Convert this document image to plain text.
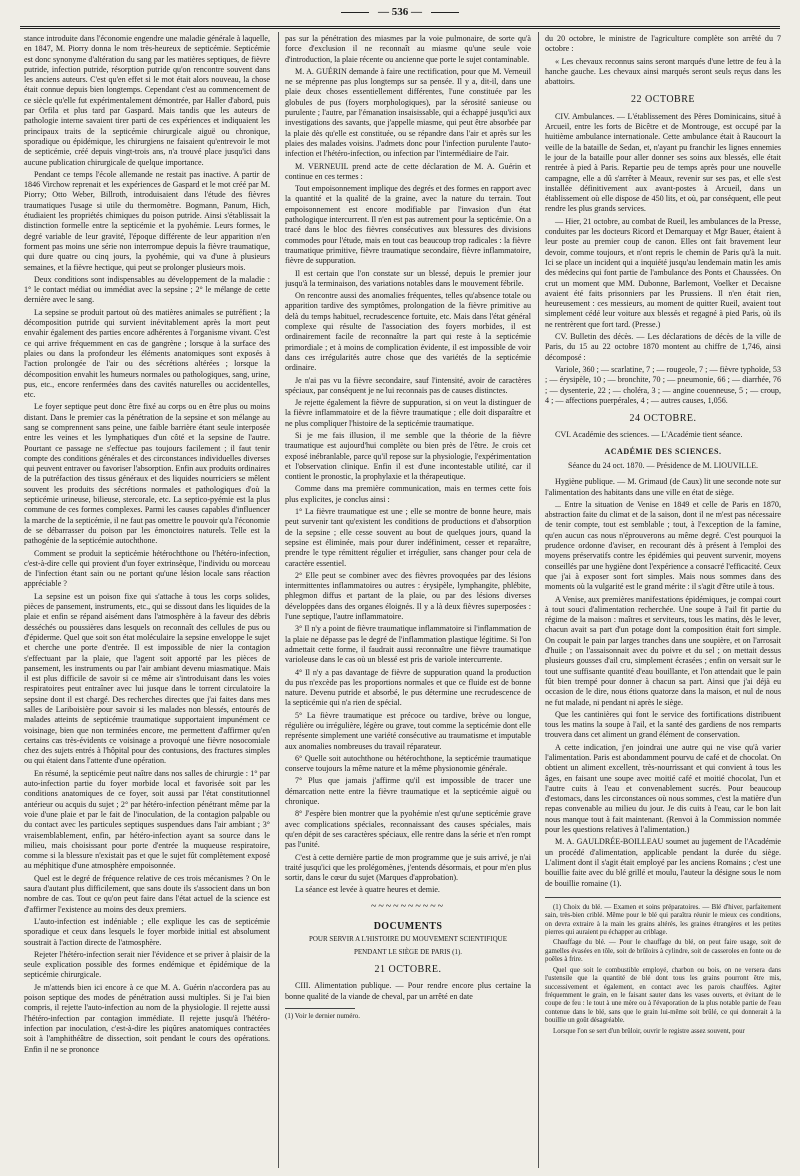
— 536 —

stance introduite dans l'économie engendre une maladie générale à laquelle, en 1847, M. Piorry donna le nom très-heureux de septicémie. Septicémie est donc synonyme d'altération du sang par les matières septiques, de fièvre putride, infection putride, résorption putride qu'on rencontre souvent dans les anciens auteurs. C'est qu'en effet si le mot était alors nouveau, la chose était connue depuis bien longtemps. Cependant c'est au commencement de ce siècle qu'elle fut expérimentalement démontrée, par Haller d'abord, puis par Orfila et plus tard par Gaspard. Mais tandis que les auteurs de pathologie interne savaient tirer parti de ces expériences et indiquaient les principaux traits de la septicémie chirurgicale aiguë ou chronique, sporadique ou épidémique, les chirurgiens ne faisaient qu'entrevoir le mot de septicémie, créé depuis vingt-trois ans, n'a trouvé place jusqu'ici dans aucune publication chirurgicale de quelque importance.

Pendant ce temps l'école allemande ne restait pas inactive. A partir de 1846 Virchow reprenait et les expériences de Gaspard et le mot créé par M. Piorry; Otto Weber, Billroth, introduisaient dans l'étude des fièvres traumatiques l'usage si utile du thermomètre. Bogmann, Panum, Hich, étudiaient les propriétés chimiques du poison putride. Ainsi s'établissait la distinction formelle entre la septicémie et la pyohémie. Leurs formes, le degré variable de leur gravité, l'époque différente de leur apparition n'en forment pas moins une série non interrompue depuis la fièvre traumatique, qui dure quatre ou cinq jours, la pyohémie, qui va d'une à plusieurs semaines, et la fièvre hectique, qui peut se prolonger plusieurs mois.

Deux conditions sont indispensables au développement de la maladie : 1° le contact médiat ou immédiat avec la sepsine ; 2° le mélange de cette dernière avec le sang.

La sepsine se produit partout où des matières animales se putréfient ; la décomposition putride qui survient inévitablement après la mort peut envahir également des parties encore adhérentes à l'organisme vivant. C'est ce qui arrive fréquemment en cas de gangrène ; lorsque à la surface des plaies ou dans la profondeur les éléments anatomiques sont exposés à l'action prolongée de l'air ou des sécrétions altérées ; lorsque la décomposition envahit les humeurs normales ou pathologiques, sang, urine, pus, etc., encore renfermées dans des cavités naturelles ou accidentelles, etc.

Le foyer septique peut donc être fixé au corps ou en être plus ou moins distant. Dans le premier cas la pénétration de la sepsine et son mélange au sang se comprennent sans peine, une faible barrière étant seule interposée entre les veines et les lymphatiques d'un côté et la sepsine de l'autre. Pourtant ce passage ne s'effectue pas toujours facilement ; il faut tenir compte des conditions générales et des circonstances individuelles diverses qui peuvent entraver ou favoriser l'absorption. Enfin aux produits ordinaires de la putréfaction des tissus généraux et des liquides nourriciers se mêlent souvent les produits des sécrétions normales et pathologiques d'où la septicémie urineuse, bilieuse, stercorale, etc. La septico-pyémie est la plus commune de ces formes complexes. Parmi les causes capables d'influencer la marche de la septicémie, il ne faut pas omettre le pouvoir qu'a l'économie de se débarrasser du poison par les émonctoires naturels. Telle est la pathogénie de la septicémie autochthone.

Comment se produit la septicémie hétérochthone ou l'hétéro-infection, c'est-à-dire celle qui provient d'un foyer extrinsèque, l'individu ou morceau de l'infection étant sain ou ne portant qu'une lésion locale sans réaction appréciable ?

La sepsine est un poison fixe qui s'attache à tous les corps solides, pièces de pansement, instruments, etc., qui se dissout dans les liquides de la plaie et enfin se répand aisément dans l'atmosphère à la faveur des débris desséchés ou poussières dans lesquels on reconnaît des cellules de pus ou d'épiderme. Quel que soit son état moléculaire la sepsine enveloppe le sujet et cherche une porte d'entrée. Il est impossible de nier la contagion s'effectuant par la plaie, que l'agent soit apporté par les pièces de pansement, les instruments ou par l'air ambiant devenu miasmatique. Mais il est plus difficile de savoir si ce même air s'introduisant dans les voies respiratoires peut entraîner avec lui jusque dans le torrent circulatoire la sepsine dont il est chargé. Des recherches directes que j'ai faites dans mes salles de Lariboisière pour savoir si les malades non blessés, entourés de malades atteints de septicémie traumatique supportaient impunément ce voisinage, bien que non terminées encore, me permettent d'affirmer qu'en certains cas très-évidents ce voisinage a provoqué une fièvre nosocomiale chez des sujets entrés à l'hôpital pour des contusions, des fractures simples ou qui étaient dans l'attente d'une opération.

En résumé, la septicémie peut naître dans nos salles de chirurgie : 1° par auto-infection partie du foyer morbide local et favorisée soit par les conditions anatomiques de ce foyer, soit aussi par l'état constitutionnel antérieur ou acquis du sujet ; 2° par hétéro-infection pénétrant même par la voie d'une plaie et par le fait de l'inoculation, de la contagion palpable ou du contact avec les particules septiques suspendues dans l'air ambiant ; 3° vraisemblablement, enfin, par hétéro-infection ayant sa source dans le milieu, mais choisissant pour porte d'entrée la muqueuse respiratoire, comme si la blessure n'existait pas et que le sujet fût complètement exposé au méphitique d'une atmosphère empoisonnée.

Quel est le degré de fréquence relative de ces trois mécanismes ? On le saura d'autant plus difficilement, que sans doute ils s'associent dans un bon nombre de cas. Tout ce qu'on peut faire dans l'état actuel de la science est d'affirmer l'existence au moins des deux premiers.

L'auto-infection est indéniable ; elle explique les cas de septicémie sporadique et ceux dans lesquels le foyer morbide initial est absolument soustrait à l'action directe de l'atmosphère.

Rejeter l'hétéro-infection serait nier l'évidence et se priver à plaisir de la seule explication possible des formes endémique et épidémique de la septicémie chirurgicale.

Je m'attends bien ici encore à ce que M. A. Guérin n'accordera pas au poison septique des modes de pénétration aussi multiples. Si je l'ai bien compris, il rejette l'auto-infection au nom de la physiologie. Il rejette aussi l'hétéro-infection par contagion immédiate. Il rejette jusqu'à l'hétéro-infection par inoculation, c'est-à-dire les piqûres anatomiques contractées soit à l'amphithéâtre de dissection, soit pendant le cours des opérations. Enfin il ne se prononce

pas sur la pénétration des miasmes par la voie pulmonaire, de sorte qu'à force d'exclusion il ne reconnaît au miasme qu'une seule voie d'introduction, la plaie récente ou ancienne que porte le sujet contaminable.

M. A. GUÉRIN demande à faire une rectification, pour que M. Verneuil ne se méprenne pas plus longtemps sur sa pensée. Il y a, dit-il, dans une plaie deux choses essentiellement différentes, l'une constituée par les globules de pus (foyers morphologiques), par la sérosité sanieuse ou purulente ; l'autre, par l'émanation insaisissable, qui a échappé jusqu'ici aux investigations des savants, que j'appelle miasme, qui peut être absorbée par la plaie dès qu'elle est constituée, ou se répandre dans l'air et après sur les plaies des malades voisins. J'admets donc pour l'infection purulente l'auto-infection et l'hétéro-infection, ou infection par l'intermédiaire de l'air.

M. VERNEUIL prend acte de cette déclaration de M. A. Guérin et continue en ces termes :

Tout empoisonnement implique des degrés et des formes en rapport avec la quantité et la qualité de la graine, avec la nature du terrain. Tout empoisonnement est encore modifiable par l'invasion d'un état pathologique intercurrent. Il n'en est pas autrement pour la septicémie. On a tracé dans le bloc des fièvres consécutives aux blessures des divisions commodes pour l'étude, mais en tout cas beaucoup trop radicales : la fièvre traumatique primitive, fièvre traumatique secondaire, fièvre inflammatoire, fièvre de suppuration.

Il est certain que l'on constate sur un blessé, depuis le premier jour jusqu'à la terminaison, des variations notables dans le mouvement fébrile.

On rencontre aussi des anomalies fréquentes, telles qu'absence totale ou apparition tardive des symptômes, prolongation de la fièvre primitive au delà du temps habituel, recrudescence fortuite, etc. Mais dans l'état général complexe qui résulte de l'association des foyers morbides, il est ordinairement facile de reconnaître la part qui reste à la septicémie primordiale ; et à moins de complication évidente, il est impossible de voir dans ces irrégularités autre chose que des variétés de la septicémie ordinaire.

Je n'ai pas vu la fièvre secondaire, sauf l'intensité, avoir de caractères spéciaux, par conséquent je ne lui reconnais pas de causes distinctes.

Je rejette également la fièvre de suppuration, si on veut la distinguer de la fièvre inflammatoire et de la fièvre traumatique ; elle doit disparaître et ne plus compliquer l'histoire de la septicémie traumatique.

Si je me fais illusion, il me semble que la théorie de la fièvre traumatique est aujourd'hui complète ou bien près de l'être. Je crois cet exposé inébranlable, parce qu'il repose sur la physiologie, l'expérimentation et l'observation clinique. Enfin il est d'une incontestable utilité, car il contient le pronostic, la prophylaxie et la thérapeutique.

Comme dans ma première communication, mais en termes cette fois plus explicites, je conclus ainsi :

1° La fièvre traumatique est une ; elle se montre de bonne heure, mais peut survenir tant qu'existent les conditions de productions et d'absorption de la sepsine ; elle cesse souvent au bout de quelques jours, quand la sepsine est éliminée, mais pour durer indéfiniment, cesser et reparaître, prendre le type rémittent régulier et irrégulier, sans changer pour cela de caractère essentiel.

2° Elle peut se combiner avec des fièvres provoquées par des lésions intermittentes inflammatoires ou autres : érysipèle, lymphangite, phlébite, phlegmon diffus et partant de la plaie, ou par des lésions diverses développées dans des organes éloignés. Il y a là deux fièvres superposées : l'une septique, l'autre inflammatoire.

3° Il n'y a point de fièvre traumatique inflammatoire si l'inflammation de la plaie ne dépasse pas le degré de l'inflammation plastique légitime. Si l'on admettait cette forme, il faudrait aussi reconnaître une fièvre traumatique varioleuse dans le cas où un blessé est pris de variole intercurrente.

4° Il n'y a pas davantage de fièvre de suppuration quand la production du pus n'excède pas les proportions normales et que ce fluide est de bonne nature. Devenu putride et absorbé, le pus détermine une recrudescence de la septicémie qui n'a rien de spécial.

5° La fièvre traumatique est précoce ou tardive, brève ou longue, régulière ou irrégulière, légère ou grave, tout comme la septicémie dont elle représente simplement une variété consécutive au traumatisme et imputable aux anomalies nombreuses du travail réparateur.

6° Quelle soit autochthone ou hétérochthone, la septicémie traumatique conserve toujours la même nature et la même physionomie générale.

7° Plus que jamais j'affirme qu'il est impossible de tracer une démarcation nette entre la fièvre traumatique et la septicémie aiguë ou chronique.

8° J'espère bien montrer que la pyohémie n'est qu'une septicémie grave avec complications spéciales, reconnaissant des causes spéciales, mais qu'en dépit de ses caractères spéciaux, elle rentre dans la série et n'en rompt pas l'unité.

C'est à cette dernière partie de mon programme que je suis arrivé, je n'ai traité jusqu'ici que les prolégomènes, j'entends désormais, et pour m'en plus sortir, dans le cœur du sujet (Marques d'approbation).

La séance est levée à quatre heures et demie.

~~~~~~~~~~
DOCUMENTS
POUR SERVIR A L'HISTOIRE DU MOUVEMENT SCIENTIFIQUE
PENDANT LE SIÈGE DE PARIS (1).
21 OCTOBRE.

CIII. Alimentation publique. — Pour rendre encore plus certaine la bonne qualité de la viande de cheval, par un arrêté en date

(1) Voir le dernier numéro.

du 20 octobre, le ministre de l'agriculture complète son arrêté du 7 octobre :

« Les chevaux reconnus sains seront marqués d'une lettre de feu à la hanche gauche. Les chevaux ainsi marqués seront seuls reçus dans les abattoirs.

22 OCTOBRE

CIV. Ambulances. — L'établissement des Pères Dominicains, situé à Arcueil, entre les forts de Bicêtre et de Montrouge, est occupé par la huitième ambulance internationale. Cette ambulance était à Raucourt la veille de la bataille de Sedan, et, n'ayant pu franchir les lignes ennemies le jour de la bataille pour aller donner ses soins aux blessés, elle était rentrée à pied à Paris. Repartie peu de temps après pour une nouvelle campagne, elle a dû s'arrêter à Meaux, revenir sur ses pas, et elle s'est installée définitivement aux avant-postes à Arcueil, dans un établissement où elle dispose de 450 lits, et où, par conséquent, elle peut rendre les plus grands services.

— Hier, 21 octobre, au combat de Rueil, les ambulances de la Presse, conduites par les docteurs Ricord et Demarquay et Mgr Bauer, étaient à leur poste au premier coup de canon. Elles ont fait bravement leur devoir, comme toujours, et n'ont repris le chemin de Paris qu'à la nuit. Ici se place un incident qui a inquiété jusqu'au lendemain matin les amis des médecins qui font partie de l'ambulance des Ponts et Chaussées. On crut un moment que MM. Dubonne, Barlemont, Voelker et Decaisne avaient été faits prisonniers par les Prussiens. Il n'en était rien, heureusement : ces messieurs, au moment de quitter Rueil, avaient tout simplement cédé leur voiture aux blessés et regagné à pied Paris, où ils ne rentrèrent que fort tard. (Presse.)

CV. Bulletin des décès. — Les déclarations de décès de la ville de Paris, du 15 au 22 octobre 1870 montent au chiffre de 1,746, ainsi décomposé :

Variole, 360 ; — scarlatine, 7 ; — rougeole, 7 ; — fièvre typhoïde, 53 ; — érysipèle, 10 ; — bronchite, 70 ; — pneumonie, 66 ; — diarrhée, 76 ; — dysenterie, 22 ; — choléra, 3 ; — angine couenneuse, 5 ; — croup, 4 ; — affections puerpérales, 4 ; — autres causes, 1,056.

24 OCTOBRE.

CVI. Académie des sciences. — L'Académie tient séance.

ACADÉMIE DES SCIENCES.
Séance du 24 oct. 1870. — Présidence de M. LIOUVILLE.

Hygiène publique. — M. Grimaud (de Caux) lit une seconde note sur l'alimentation des habitants dans une ville en état de siège.

... Entre la situation de Venise en 1849 et celle de Paris en 1870, abstraction faite du climat et de la saison, dont il ne m'est pas nécessaire de tenir compte, tout est semblable ; tout, à l'exception de la famine, qu'en aucun cas nous n'éprouverons au même degré. C'est pourquoi la prudence ordonne d'aviser, en recourant dès à présent à l'emploi des moyens préservatifs contre les épidémies qui peuvent survenir, moyens conseillés par une hygiène dont l'expérience a consacré l'efficacité. Ceux que j'ai à exposer sont fort simples. Mais nous sommes dans des moments où la vulgarité est le grand mérite : il s'agit d'être utile à tous.

A Venise, aux premières manifestations épidémiques, je compai court à tout souci d'alimentation recherchée. Une soupe à l'ail fit partie du régime de la maison : maîtres et serviteurs, tous les matins, dès le lever, chacun avait sa part d'un potage dont la composition était fort simple. On coupait le pain par larges tranches dans une soupière, et on l'arrosait d'huile ; on l'assaisonnait avec du poivre et du sel ; on mettait dessus plusieurs gousses d'ail cru, simplement écrasées ; enfin on versait sur le tout une suffisante quantité d'eau bouillante, et l'on attendait que le pain fût bien trempé pour donner à chacun sa part. Ainsi que j'ai déjà eu occasion de le dire, nous étions quatorze dans la maison, et nul de nous ne fut malade, ni pendant ni après le siège.

Que les cantinières qui font le service des fortifications distribuent tous les matins la soupe à l'ail, et la santé des gardiens de nos remparts trouvera dans cet aliment un grand élément de conservation.

A cette indication, j'en joindrai une autre qui ne vise qu'à varier l'alimentation. Paris est abondamment pourvu de café et de chocolat. On obtient un aliment excellent, très-nourrissant et qui convient à tous les âges, en faisant une soupe avec moitié café et moitié chocolat, l'un et l'autre cuits à l'eau et convenablement sucrés. Pour beaucoup d'estomacs, dans les circonstances où nous sommes, c'est la matière d'un repas convenable au milieu du jour. Je dis cuits à l'eau, car le bon lait nous manque tout à fait maintenant. (Renvoi à la Commission nommée pour les questions relatives à l'alimentation.)

M. A. GAULDRÉE-BOILLEAU soumet au jugement de l'Académie un procédé d'alimentation, applicable pendant la durée du siège. L'aliment dont il s'agit était employé par les anciens Romains ; c'est une bouillie faite avec du blé grillé et moulu, l'auteur la désigne sous le nom de bouillie romaine (1).

(1) Choix du blé. — Examen et soins préparatoires. — Blé d'hiver, parfaitement sain, très-bien criblé. Même pour le blé qui paraîtra réunir le mieux ces conditions, on devra extraire à la main les grains altérés, les graines étrangères et les petites pierres qui auraient pu échapper au criblage.

Chauffage du blé. — Pour le chauffage du blé, on peut faire usage, soit de gamelles évasées en tôle, soit de brûloirs à cylindre, soit de casseroles en fonte ou de poêles à frire.

Quel que soit le combustible employé, charbon ou bois, on ne versera dans l'ustensile que la quantité de blé dont tous les grains pourront être mis, successivement et également, en contact avec les parois chauffées. Agiter fréquemment le grain, en le faisant sauter dans les vases ouverts, et évitant de le coupe de feu : le tout à une mère ou à l'évaporation de la plus notable partie de l'eau contenue dans le blé, sans que le grain lui-même soit brûlé, ce qui donnerait à la bouillie un goût désagréable.

Lorsque l'on se sert d'un brûloir, ouvrir le registre assez souvent, pour
